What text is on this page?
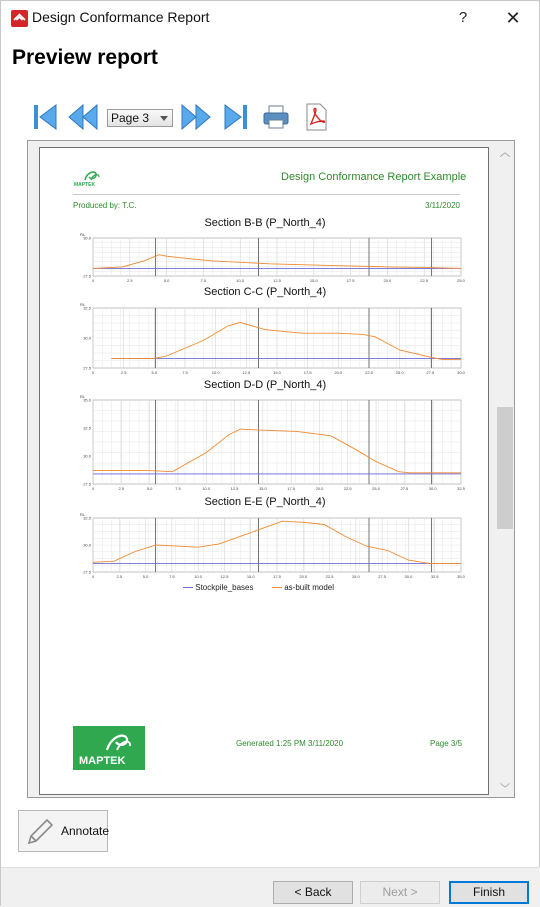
Design Conformance Report	?	✕
Preview report
Page 3
MAPTEK
Design Conformance Report Example
Produced by: T.C.	3/11/2020
Section B-B (P_North_4)
0	2.5	5.0	7.5	10.0	12.5	15.0	17.5	20.0	22.5	25.0
30.0
27.5
RL
Section C-C (P_North_4)
0	2.5	5.0	7.5	10.0	12.5	15.0	17.5	20.0	22.5	25.0	27.5	30.0
32.5
30.0
27.5
RL
Section D-D (P_North_4)
0	2.5	5.0	7.5	10.0	12.5	15.0	17.5	20.0	22.5	25.0	27.5	30.0	32.5
35.0
32.5
30.0
27.5
RL
Section E-E (P_North_4)
0	2.5	5.0	7.5	10.0	12.5	15.0	17.5	20.0	22.5	25.0	27.5	30.0	32.5	35.0
32.5
30.0
27.5
RL
Stockpile_bases	as-built model
MAPTEK
Generated 1:25 PM 3/11/2020	Page 3/5
︿
﹀
Annotate
< Back	Next >	Finish
